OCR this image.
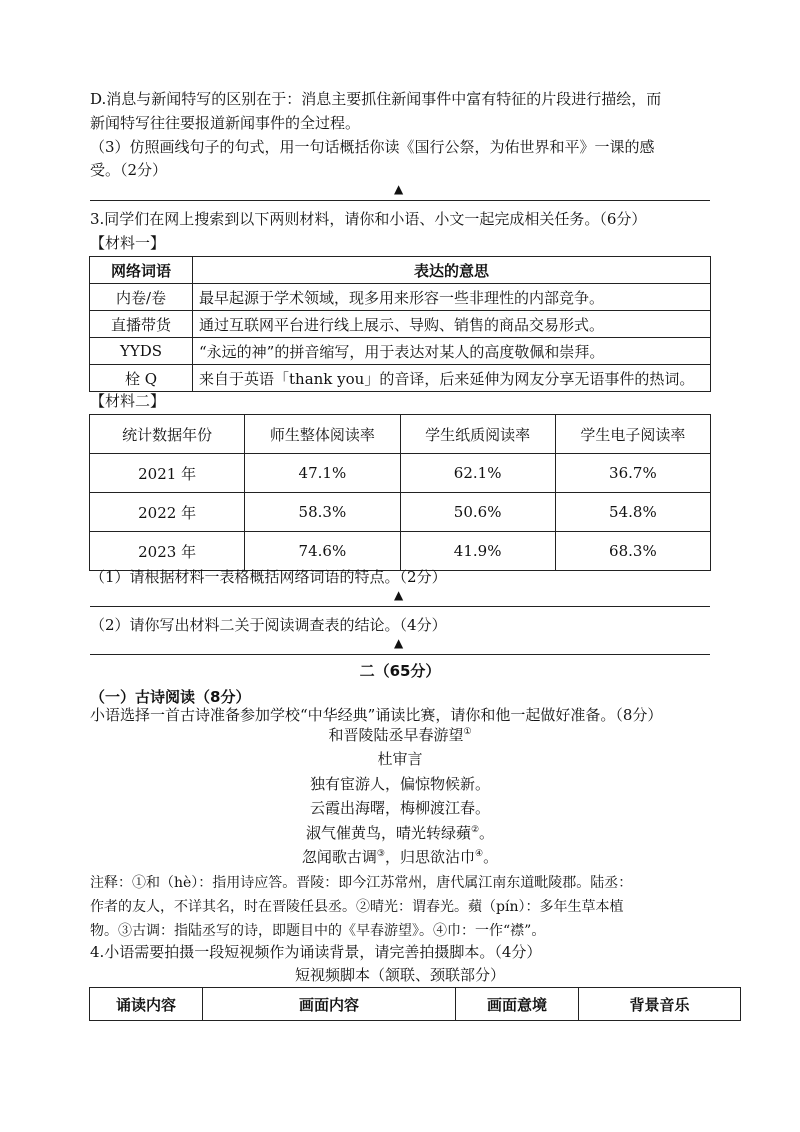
D.消息与新闻特写的区别在于：消息主要抓住新闻事件中富有特征的片段进行描绘，而
新闻特写往往要报道新闻事件的全过程。
（3）仿照画线句子的句式，用一句话概括你读《国行公祭，为佑世界和平》一课的感
受。（2分）
▲
3.同学们在网上搜索到以下两则材料，请你和小语、小文一起完成相关任务。（6分）
【材料一】
网络词语	表达的意思
内卷/卷	最早起源于学术领域，现多用来形容一些非理性的内部竞争。
直播带货	通过互联网平台进行线上展示、导购、销售的商品交易形式。
YYDS	“永远的神”的拼音缩写，用于表达对某人的高度敬佩和崇拜。
栓 Q	来自于英语「thank you」的音译，后来延伸为网友分享无语事件的热词。
【材料二】
统计数据年份	师生整体阅读率	学生纸质阅读率	学生电子阅读率
2021 年	47.1%	62.1%	36.7%
2022 年	58.3%	50.6%	54.8%
2023 年	74.6%	41.9%	68.3%
（1）请根据材料一表格概括网络词语的特点。（2分）
▲
（2）请你写出材料二关于阅读调查表的结论。（4分）
▲
二（65分）
（一）古诗阅读（8分）
小语选择一首古诗准备参加学校“中华经典”诵读比赛，请你和他一起做好准备。（8分）
和晋陵陆丞早春游望①
杜审言
独有宦游人，偏惊物候新。
云霞出海曙，梅柳渡江春。
淑气催黄鸟，晴光转绿蘋②。
忽闻歌古调③，归思欲沾巾④。
注释：①和（hè）：指用诗应答。晋陵：即今江苏常州，唐代属江南东道毗陵郡。陆丞：
作者的友人，不详其名，时在晋陵任县丞。②晴光：谓春光。蘋（pín）：多年生草本植
物。③古调：指陆丞写的诗，即题目中的《早春游望》。④巾：一作“襟”。
4.小语需要拍摄一段短视频作为诵读背景，请完善拍摄脚本。（4分）
短视频脚本（颔联、颈联部分）
诵读内容	画面内容	画面意境	背景音乐
